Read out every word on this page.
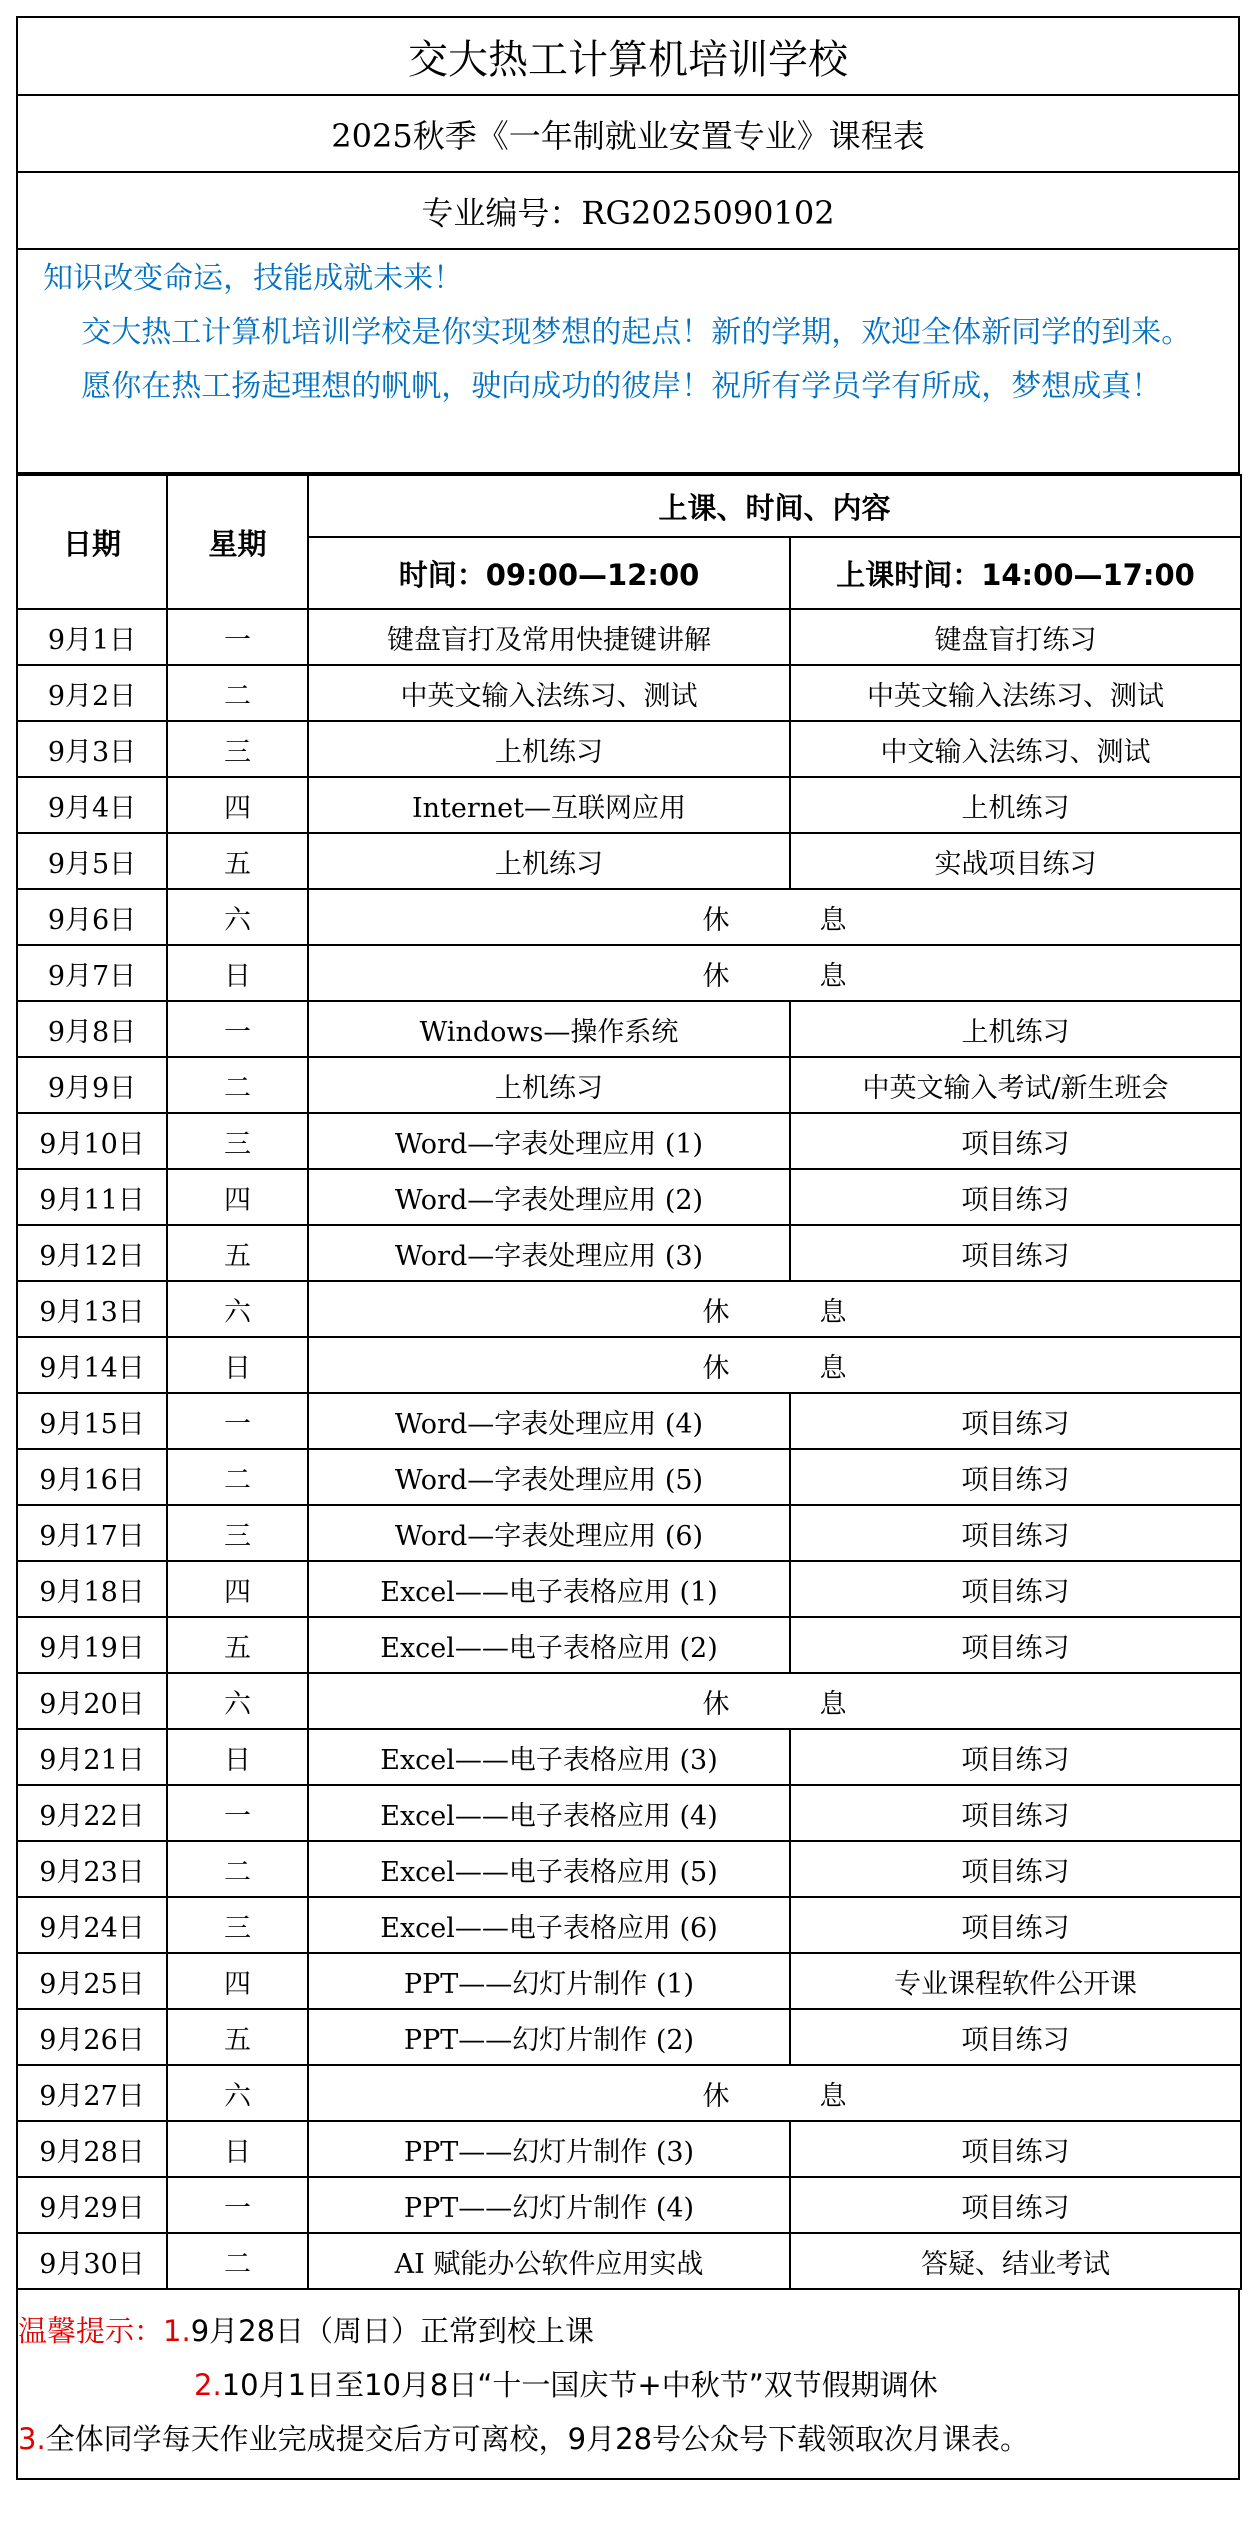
交大热工计算机培训学校
2025秋季《一年制就业安置专业》课程表
专业编号：RG2025090102

知识改变命运，技能成就未来！

交大热工计算机培训学校是你实现梦想的起点！新的学期，欢迎全体新同学的到来。

愿你在热工扬起理想的帆帆，驶向成功的彼岸！祝所有学员学有所成，梦想成真！

日期	星期	上课、时间、内容	
		时间：09:00—12:00	上课时间：14:00—17:00
9月1日	一	键盘盲打及常用快捷键讲解	键盘盲打练习
9月2日	二	中英文输入法练习、测试	中英文输入法练习、测试
9月3日	三	上机练习	中文输入法练习、测试
9月4日	四	Internet—互联网应用	上机练习
9月5日	五	上机练习	实战项目练习
9月6日	六	休 息	
9月7日	日	休 息	
9月8日	一	Windows—操作系统	上机练习
9月9日	二	上机练习	中英文输入考试/新生班会
9月10日	三	Word—字表处理应用 (1)	项目练习
9月11日	四	Word—字表处理应用 (2)	项目练习
9月12日	五	Word—字表处理应用 (3)	项目练习
9月13日	六	休 息	
9月14日	日	休 息	
9月15日	一	Word—字表处理应用 (4)	项目练习
9月16日	二	Word—字表处理应用 (5)	项目练习
9月17日	三	Word—字表处理应用 (6)	项目练习
9月18日	四	Excel——电子表格应用 (1)	项目练习
9月19日	五	Excel——电子表格应用 (2)	项目练习
9月20日	六	休 息	
9月21日	日	Excel——电子表格应用 (3)	项目练习
9月22日	一	Excel——电子表格应用 (4)	项目练习
9月23日	二	Excel——电子表格应用 (5)	项目练习
9月24日	三	Excel——电子表格应用 (6)	项目练习
9月25日	四	PPT——幻灯片制作 (1)	专业课程软件公开课
9月26日	五	PPT——幻灯片制作 (2)	项目练习
9月27日	六	休 息	
9月28日	日	PPT——幻灯片制作 (3)	项目练习
9月29日	一	PPT——幻灯片制作 (4)	项目练习
9月30日	二	AI 赋能办公软件应用实战	答疑、结业考试
温馨提示：1.9月28日（周日）正常到校上课
2.10月1日至10月8日“十一国庆节+中秋节”双节假期调休
3.全体同学每天作业完成提交后方可离校，9月28号公众号下载领取次月课表。
